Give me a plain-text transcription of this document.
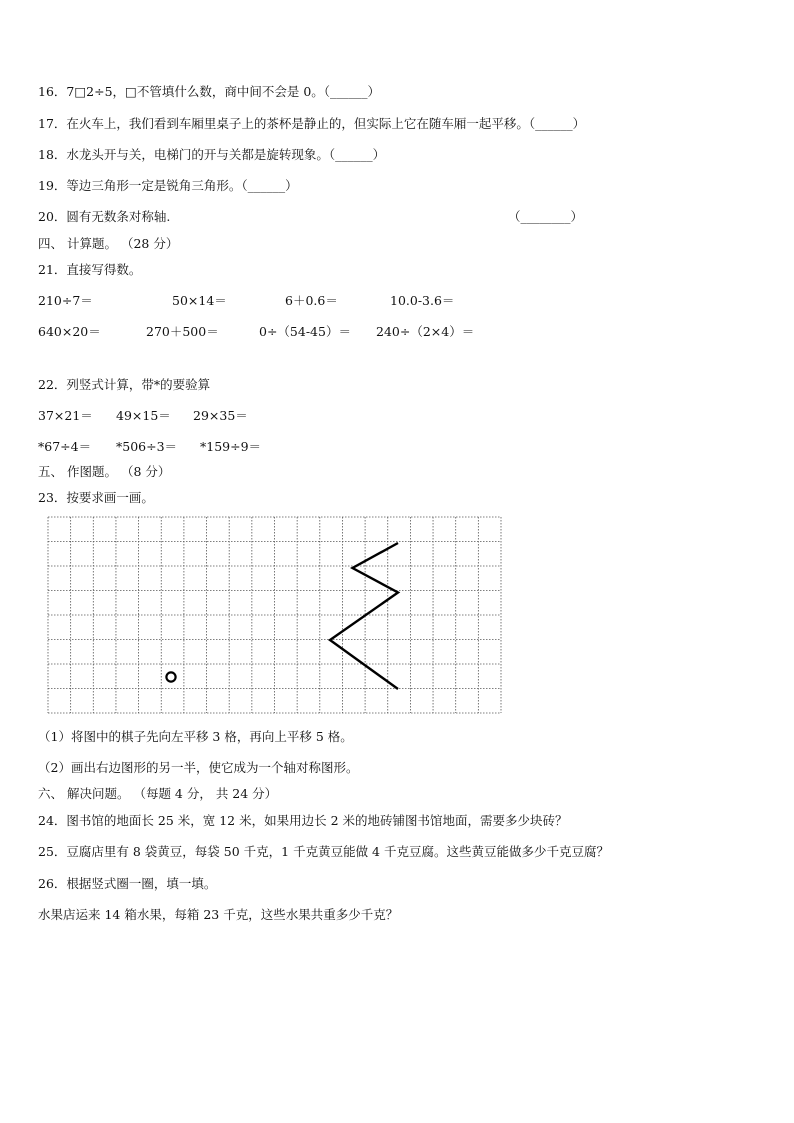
16．7□2÷5，□不管填什么数，商中间不会是 0。（______）
17．在火车上，我们看到车厢里桌子上的茶杯是静止的，但实际上它在随车厢一起平移。（______）
18．水龙头开与关，电梯门的开与关都是旋转现象。（______）
19．等边三角形一定是锐角三角形。（______）
20．圆有无数条对称轴.	（________）
四、 计算题。 （28 分）
21．直接写得数。
210÷7＝	50×14＝	6＋0.6＝	10.0-3.6＝
640×20＝	270＋500＝	0÷（54-45）＝ 240÷（2×4）＝
22．列竖式计算，带*的要验算
37×21＝ 49×15＝ 29×35＝
*67÷4＝ *506÷3＝ *159÷9＝
五、 作图题。 （8 分）
23．按要求画一画。
（1）将图中的棋子先向左平移 3 格，再向上平移 5 格。
（2）画出右边图形的另一半，使它成为一个轴对称图形。
六、 解决问题。 （每题 4 分， 共 24 分）
24．图书馆的地面长 25 米，宽 12 米，如果用边长 2 米的地砖铺图书馆地面，需要多少块砖？
25．豆腐店里有 8 袋黄豆，每袋 50 千克，1 千克黄豆能做 4 千克豆腐。这些黄豆能做多少千克豆腐？
26．根据竖式圈一圈，填一填。
水果店运来 14 箱水果，每箱 23 千克，这些水果共重多少千克？
